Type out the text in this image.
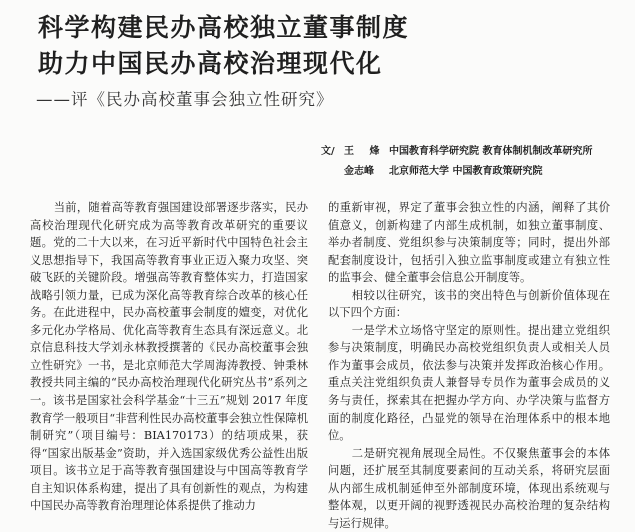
科学构建民办高校独立董事制度
助力中国民办高校治理现代化
——评《民办高校董事会独立性研究》
文/ 王 烽 中国教育科学研究院 教育体制机制改革研究所
金志峰 北京师范大学 中国教育政策研究院

当前，随着高等教育强国建设部署逐步落实，民办高校治理现代化研究成为高等教育改革研究的重要议题。党的二十大以来，在习近平新时代中国特色社会主义思想指导下，我国高等教育事业正迈入聚力攻坚、突破飞跃的关键阶段。增强高等教育整体实力，打造国家战略引领力量，已成为深化高等教育综合改革的核心任务。在此进程中，民办高校董事会制度的嬗变，对优化多元化办学格局、优化高等教育生态具有深远意义。北京信息科技大学刘永林教授撰著的《民办高校董事会独立性研究》一书，是北京师范大学周海涛教授、钟秉林教授共同主编的“民办高校治理现代化研究丛书”系列之一。该书是国家社会科学基金“十三五”规划 2017 年度教育学一般项目“非营利性民办高校董事会独立性保障机制研究”（项目编号：BIA170173）的结项成果，获得“国家出版基金”资助，并入选国家级优秀公益性出版项目。该书立足于高等教育强国建设与中国高等教育学自主知识体系构建，提出了具有创新性的观点，为构建中国民办高等教育治理理论体系提供了推动力

的重新审视，界定了董事会独立性的内涵，阐释了其价值意义，创新构建了内部生成机制，如独立董事制度、举办者制度、党组织参与决策制度等；同时，提出外部配套制度设计，包括引入独立监事制度或建立有独立性的监事会、健全董事会信息公开制度等。

相较以往研究，该书的突出特色与创新价值体现在以下四个方面：

一是学术立场恪守坚定的原则性。提出建立党组织参与决策制度，明确民办高校党组织负责人或相关人员作为董事会成员，依法参与决策并发挥政治核心作用。重点关注党组织负责人兼督导专员作为董事会成员的义务与责任，探索其在把握办学方向、办学决策与监督方面的制度化路径，凸显党的领导在治理体系中的根本地位。

二是研究视角展现全局性。不仅聚焦董事会的本体问题，还扩展至其制度要素间的互动关系，将研究层面从内部生成机制延伸至外部制度环境，体现出系统观与整体观，以更开阔的视野透视民办高校治理的复杂结构与运行规律。
